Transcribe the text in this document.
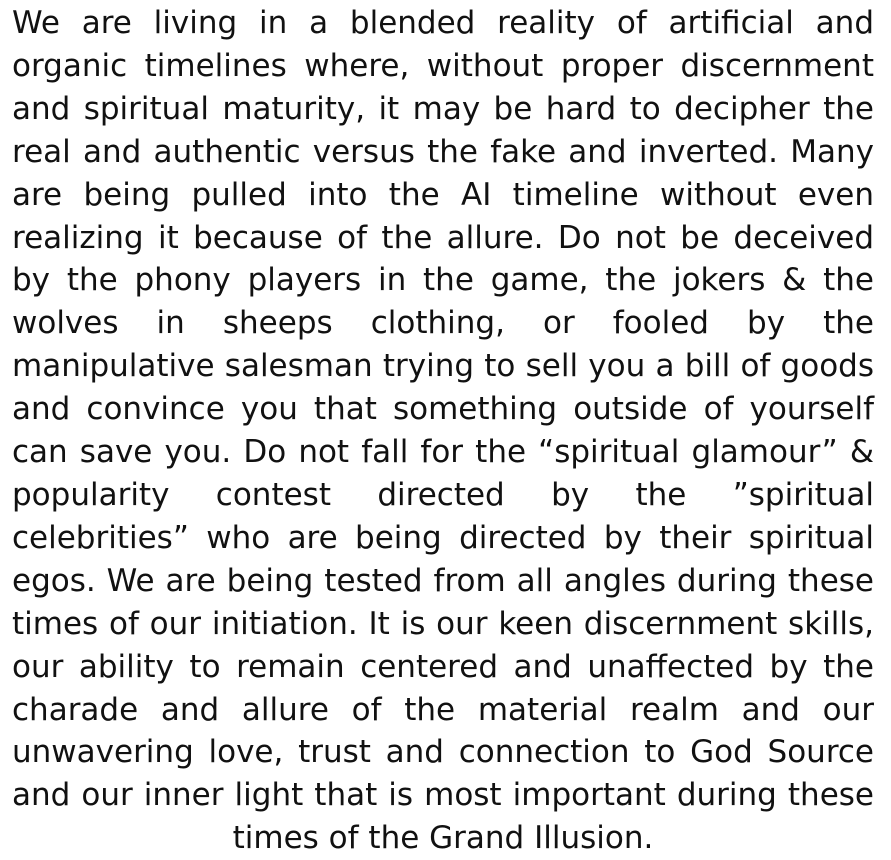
We are living in a blended reality of artificial and organic timelines where, without proper discernment and spiritual maturity, it may be hard to decipher the real and authentic versus the fake and inverted. Many are being pulled into the AI timeline without even realizing it because of the allure. Do not be deceived by the phony players in the game, the jokers & the wolves in sheeps clothing, or fooled by the manipulative salesman trying to sell you a bill of goods and convince you that something outside of yourself can save you. Do not fall for the “spiritual glamour” & popularity contest directed by the ”spiritual celebrities” who are being directed by their spiritual egos. We are being tested from all angles during these times of our initiation. It is our keen discernment skills, our ability to remain centered and unaffected by the charade and allure of the material realm and our unwavering love, trust and connection to God Source and our inner light that is most important during these times of the Grand Illusion.
